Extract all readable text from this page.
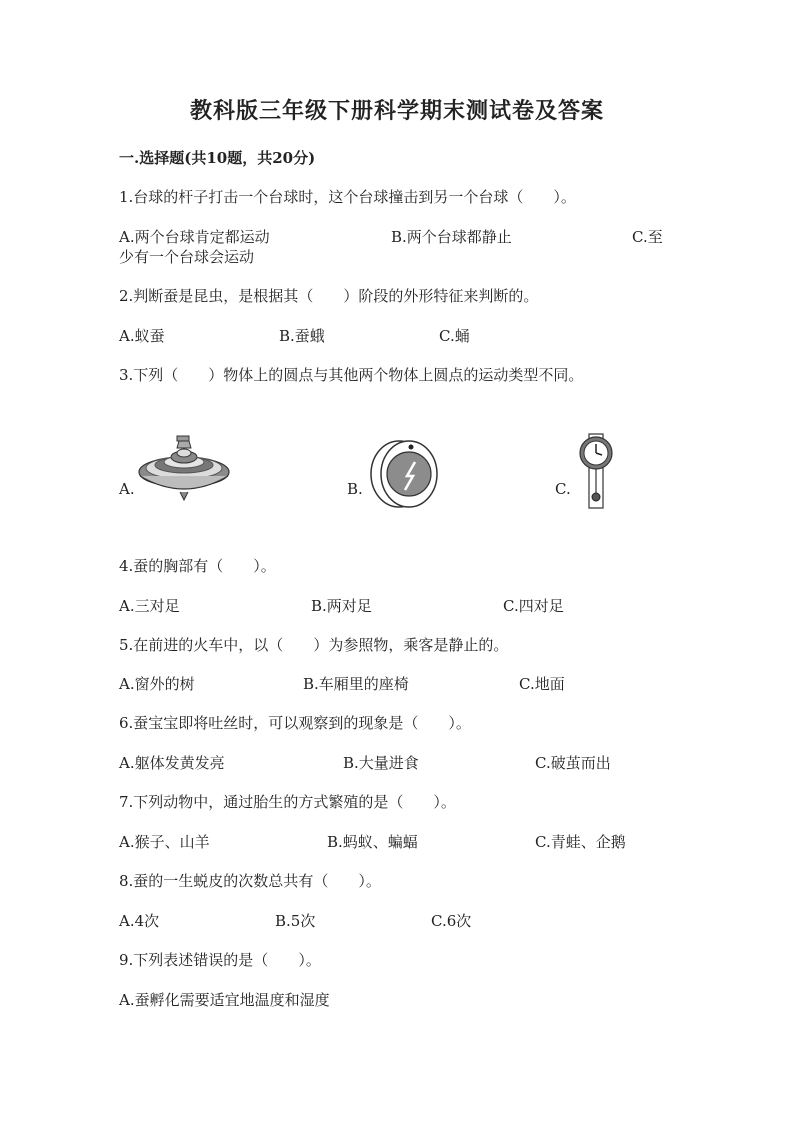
教科版三年级下册科学期末测试卷及答案
一.选择题(共10题，共20分)
1.台球的杆子打击一个台球时，这个台球撞击到另一个台球（　　）。
A.两个台球肯定都运动	B.两个台球都静止	C.至
少有一个台球会运动
2.判断蚕是昆虫，是根据其（　　）阶段的外形特征来判断的。
A.蚁蚕	B.蚕蛾	C.蛹
3.下列（　　）物体上的圆点与其他两个物体上圆点的运动类型不同。
A.	B.	C.
4.蚕的胸部有（　　）。
A.三对足	B.两对足	C.四对足
5.在前进的火车中，以（　　）为参照物，乘客是静止的。
A.窗外的树	B.车厢里的座椅	C.地面
6.蚕宝宝即将吐丝时，可以观察到的现象是（　　）。
A.躯体发黄发亮	B.大量进食	C.破茧而出
7.下列动物中，通过胎生的方式繁殖的是（　　）。
A.猴子、山羊	B.蚂蚁、蝙蝠	C.青蛙、企鹅
8.蚕的一生蜕皮的次数总共有（　　）。
A.4次	B.5次	C.6次
9.下列表述错误的是（　　）。
A.蚕孵化需要适宜地温度和湿度
